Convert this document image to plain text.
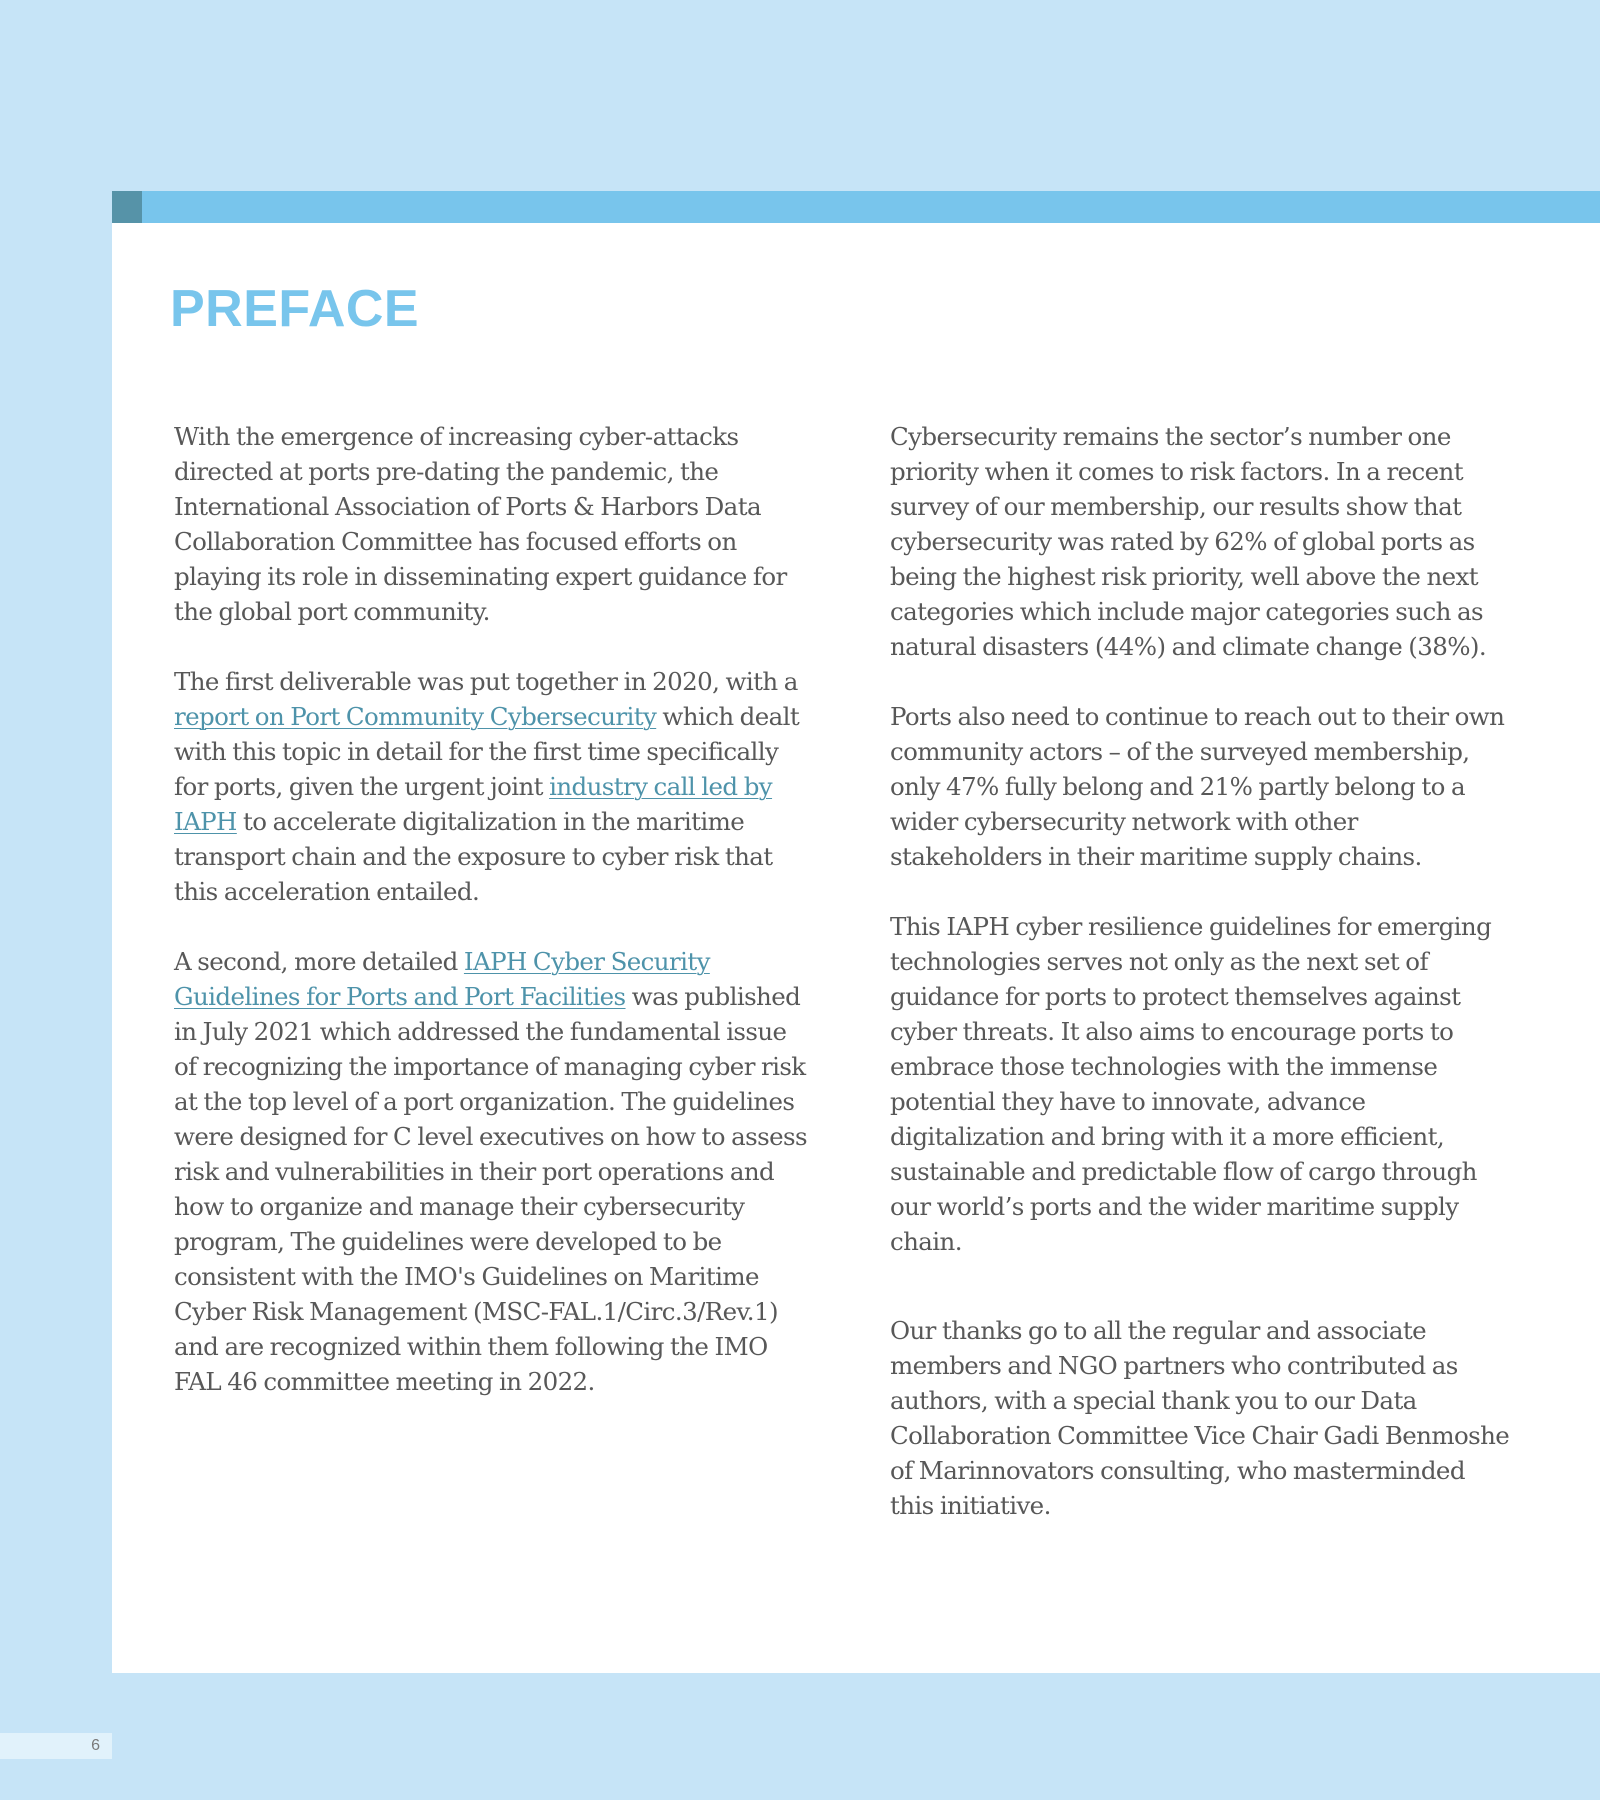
PREFACE

With the emergence of increasing cyber-attacks directed at ports pre-dating the pandemic, the International Association of Ports & Harbors Data Collaboration Committee has focused efforts on playing its role in disseminating expert guidance for the global port community.

The first deliverable was put together in 2020, with a report on Port Community Cybersecurity which dealt with this topic in detail for the first time specifically for ports, given the urgent joint industry call led by IAPH to accelerate digitalization in the maritime transport chain and the exposure to cyber risk that this acceleration entailed.

A second, more detailed IAPH Cyber Security Guidelines for Ports and Port Facilities was published in July 2021 which addressed the fundamental issue of recognizing the importance of managing cyber risk at the top level of a port organization. The guidelines were designed for C level executives on how to assess risk and vulnerabilities in their port operations and how to organize and manage their cybersecurity program, The guidelines were developed to be consistent with the IMO's Guidelines on Maritime Cyber Risk Management (MSC-FAL.1/Circ.3/Rev.1) and are recognized within them following the IMO FAL 46 committee meeting in 2022.

Cybersecurity remains the sector’s number one priority when it comes to risk factors. In a recent survey of our membership, our results show that cybersecurity was rated by 62% of global ports as being the highest risk priority, well above the next categories which include major categories such as natural disasters (44%) and climate change (38%).

Ports also need to continue to reach out to their own community actors – of the surveyed membership, only 47% fully belong and 21% partly belong to a wider cybersecurity network with other stakeholders in their maritime supply chains.

This IAPH cyber resilience guidelines for emerging technologies serves not only as the next set of guidance for ports to protect themselves against cyber threats. It also aims to encourage ports to embrace those technologies with the immense potential they have to innovate, advance digitalization and bring with it a more efficient, sustainable and predictable flow of cargo through our world’s ports and the wider maritime supply chain.

Our thanks go to all the regular and associate members and NGO partners who contributed as authors, with a special thank you to our Data Collaboration Committee Vice Chair Gadi Benmoshe of Marinnovators consulting, who masterminded this initiative.

6
